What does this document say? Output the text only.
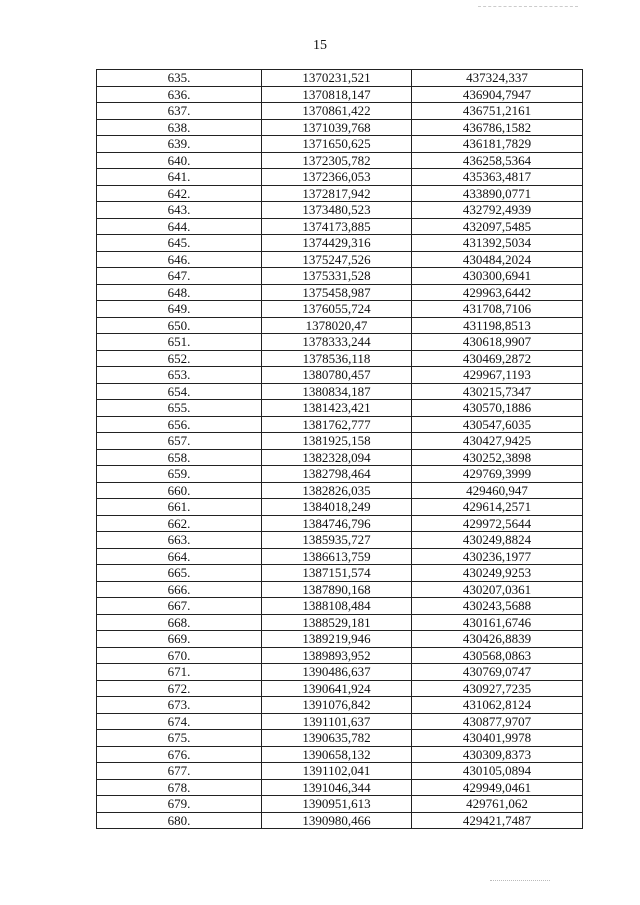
15
635.	1370231,521	437324,337
636.	1370818,147	436904,7947
637.	1370861,422	436751,2161
638.	1371039,768	436786,1582
639.	1371650,625	436181,7829
640.	1372305,782	436258,5364
641.	1372366,053	435363,4817
642.	1372817,942	433890,0771
643.	1373480,523	432792,4939
644.	1374173,885	432097,5485
645.	1374429,316	431392,5034
646.	1375247,526	430484,2024
647.	1375331,528	430300,6941
648.	1375458,987	429963,6442
649.	1376055,724	431708,7106
650.	1378020,47	431198,8513
651.	1378333,244	430618,9907
652.	1378536,118	430469,2872
653.	1380780,457	429967,1193
654.	1380834,187	430215,7347
655.	1381423,421	430570,1886
656.	1381762,777	430547,6035
657.	1381925,158	430427,9425
658.	1382328,094	430252,3898
659.	1382798,464	429769,3999
660.	1382826,035	429460,947
661.	1384018,249	429614,2571
662.	1384746,796	429972,5644
663.	1385935,727	430249,8824
664.	1386613,759	430236,1977
665.	1387151,574	430249,9253
666.	1387890,168	430207,0361
667.	1388108,484	430243,5688
668.	1388529,181	430161,6746
669.	1389219,946	430426,8839
670.	1389893,952	430568,0863
671.	1390486,637	430769,0747
672.	1390641,924	430927,7235
673.	1391076,842	431062,8124
674.	1391101,637	430877,9707
675.	1390635,782	430401,9978
676.	1390658,132	430309,8373
677.	1391102,041	430105,0894
678.	1391046,344	429949,0461
679.	1390951,613	429761,062
680.	1390980,466	429421,7487
